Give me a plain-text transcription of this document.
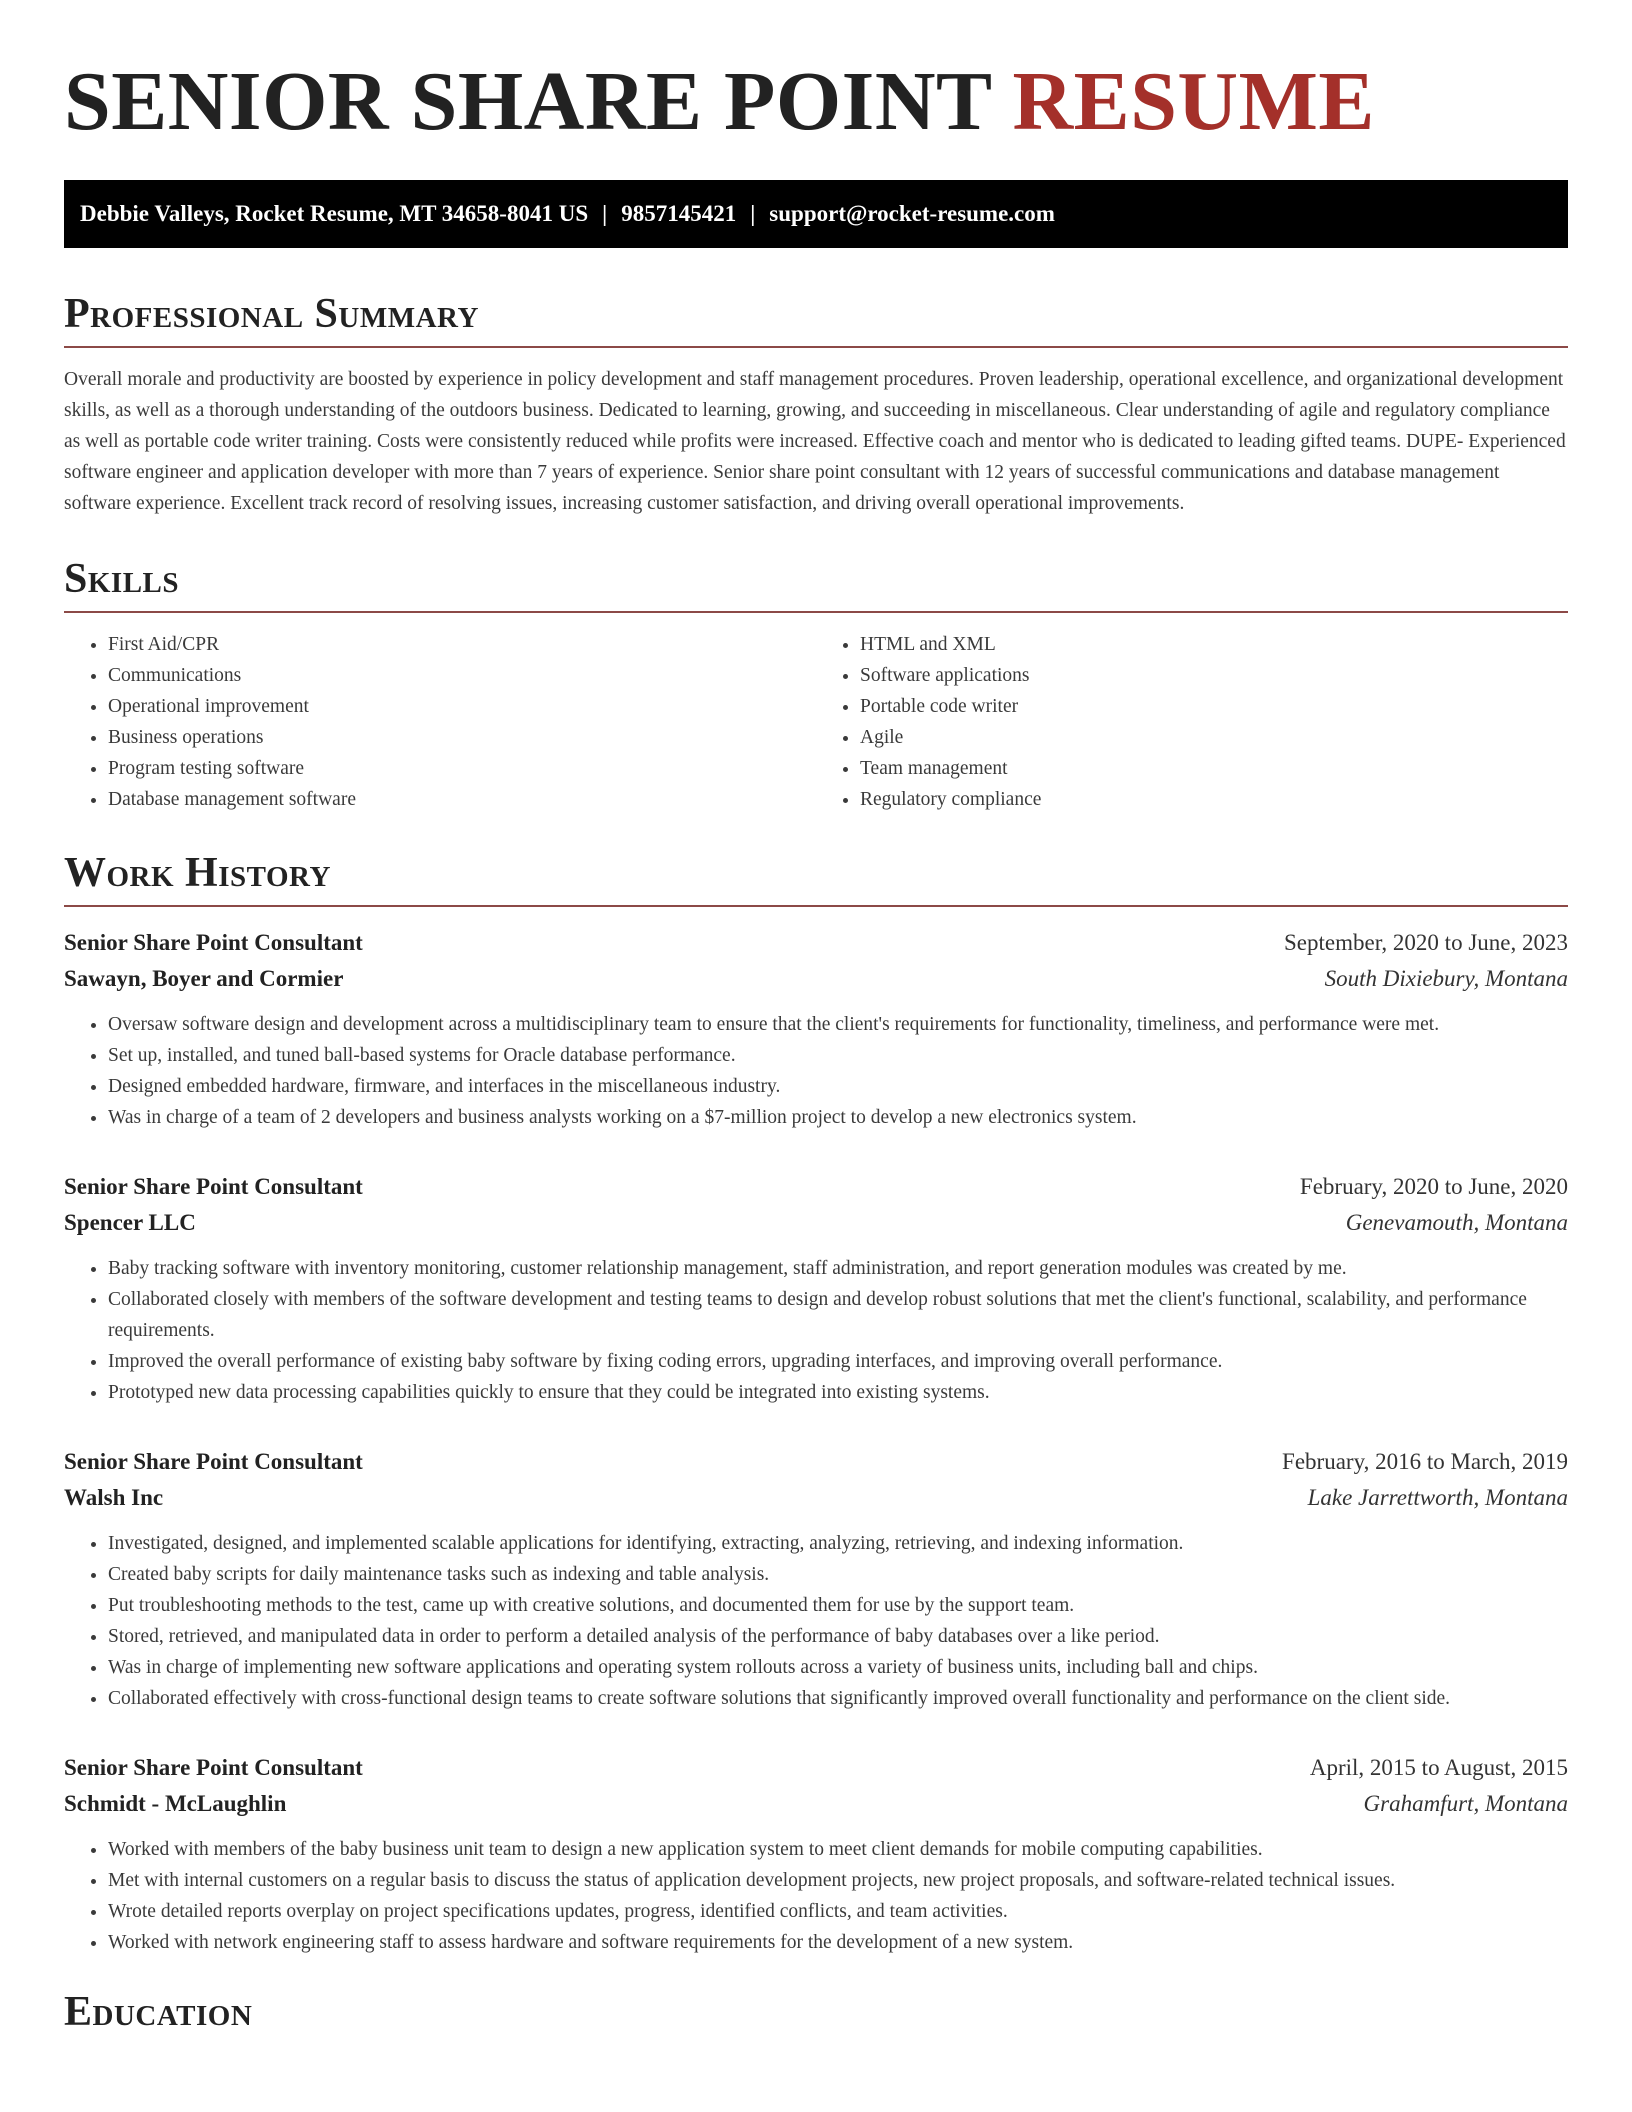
SENIOR SHARE POINT RESUME
Debbie Valleys, Rocket Resume, MT 34658-8041 US | 9857145421 | support@rocket-resume.com
Professional Summary

Overall morale and productivity are boosted by experience in policy development and staff management procedures. Proven leadership, operational excellence, and organizational development skills, as well as a thorough understanding of the outdoors business. Dedicated to learning, growing, and succeeding in miscellaneous. Clear understanding of agile and regulatory compliance as well as portable code writer training. Costs were consistently reduced while profits were increased. Effective coach and mentor who is dedicated to leading gifted teams. DUPE- Experienced software engineer and application developer with more than 7 years of experience. Senior share point consultant with 12 years of successful communications and database management software experience. Excellent track record of resolving issues, increasing customer satisfaction, and driving overall operational improvements.

Skills
• First Aid/CPR
• Communications
• Operational improvement
• Business operations
• Program testing software
• Database management software
• HTML and XML
• Software applications
• Portable code writer
• Agile
• Team management
• Regulatory compliance
Work History
Senior Share Point Consultant	September, 2020 to June, 2023
Sawayn, Boyer and Cormier	South Dixiebury, Montana
• Oversaw software design and development across a multidisciplinary team to ensure that the client's requirements for functionality, timeliness, and performance were met.
• Set up, installed, and tuned ball-based systems for Oracle database performance.
• Designed embedded hardware, firmware, and interfaces in the miscellaneous industry.
• Was in charge of a team of 2 developers and business analysts working on a $7-million project to develop a new electronics system.
Senior Share Point Consultant	February, 2020 to June, 2020
Spencer LLC	Genevamouth, Montana
• Baby tracking software with inventory monitoring, customer relationship management, staff administration, and report generation modules was created by me.
• Collaborated closely with members of the software development and testing teams to design and develop robust solutions that met the client's functional, scalability, and performance requirements.
• Improved the overall performance of existing baby software by fixing coding errors, upgrading interfaces, and improving overall performance.
• Prototyped new data processing capabilities quickly to ensure that they could be integrated into existing systems.
Senior Share Point Consultant	February, 2016 to March, 2019
Walsh Inc	Lake Jarrettworth, Montana
• Investigated, designed, and implemented scalable applications for identifying, extracting, analyzing, retrieving, and indexing information.
• Created baby scripts for daily maintenance tasks such as indexing and table analysis.
• Put troubleshooting methods to the test, came up with creative solutions, and documented them for use by the support team.
• Stored, retrieved, and manipulated data in order to perform a detailed analysis of the performance of baby databases over a like period.
• Was in charge of implementing new software applications and operating system rollouts across a variety of business units, including ball and chips.
• Collaborated effectively with cross-functional design teams to create software solutions that significantly improved overall functionality and performance on the client side.
Senior Share Point Consultant	April, 2015 to August, 2015
Schmidt - McLaughlin	Grahamfurt, Montana
• Worked with members of the baby business unit team to design a new application system to meet client demands for mobile computing capabilities.
• Met with internal customers on a regular basis to discuss the status of application development projects, new project proposals, and software-related technical issues.
• Wrote detailed reports overplay on project specifications updates, progress, identified conflicts, and team activities.
• Worked with network engineering staff to assess hardware and software requirements for the development of a new system.
Education
